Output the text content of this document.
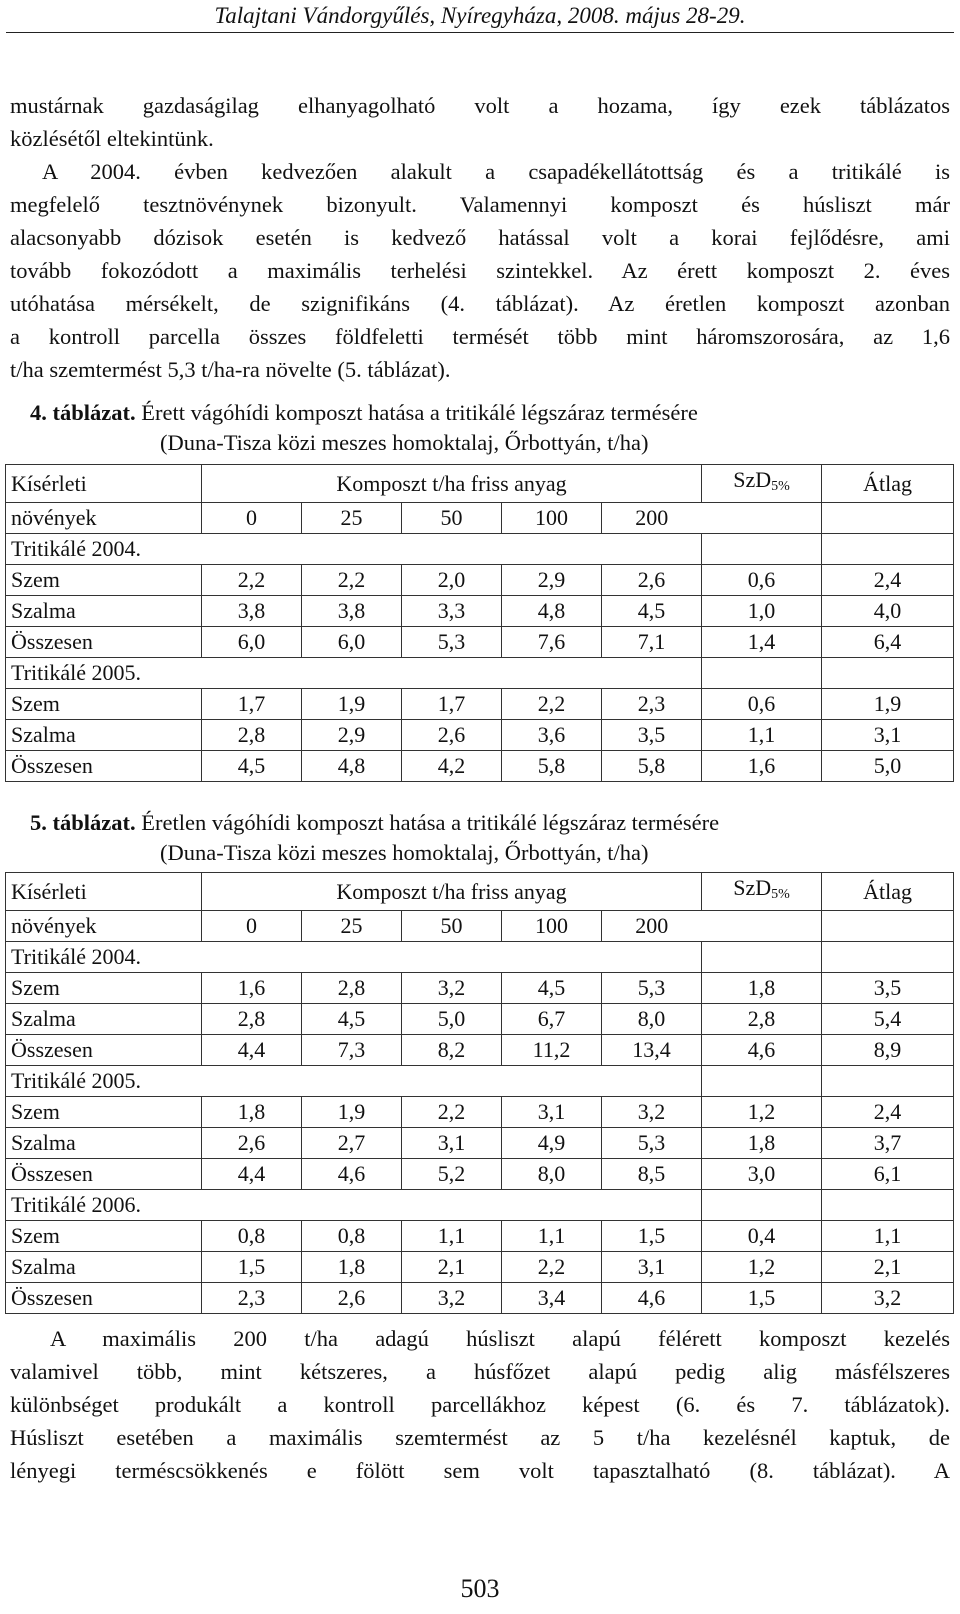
Talajtani Vándorgyűlés, Nyíregyháza, 2008. május 28-29.
mustárnak gazdaságilag elhanyagolható volt a hozama, így ezek táblázatos
közlésétől eltekintünk.
A 2004. évben kedvezően alakult a csapadékellátottság és a tritikálé is
megfelelő tesztnövénynek bizonyult. Valamennyi komposzt és húsliszt már
alacsonyabb dózisok esetén is kedvező hatással volt a korai fejlődésre, ami
tovább fokozódott a maximális terhelési szintekkel. Az érett komposzt 2. éves
utóhatása mérsékelt, de szignifikáns (4. táblázat). Az éretlen komposzt azonban
a kontroll parcella összes földfeletti termését több mint háromszorosára, az 1,6
t/ha szemtermést 5,3 t/ha-ra növelte (5. táblázat).
4. táblázat. Érett vágóhídi komposzt hatása a tritikálé légszáraz termésére
(Duna-Tisza közi meszes homoktalaj, Őrbottyán, t/ha)
Kísérleti	Komposzt t/ha friss anyag					SzD$_{5\%}$	Átlag
növények	0	25	50	100	200		
Tritikálé 2004.							
Szem	2,2	2,2	2,0	2,9	2,6	0,6	2,4
Szalma	3,8	3,8	3,3	4,8	4,5	1,0	4,0
Összesen	6,0	6,0	5,3	7,6	7,1	1,4	6,4
Tritikálé 2005.							
Szem	1,7	1,9	1,7	2,2	2,3	0,6	1,9
Szalma	2,8	2,9	2,6	3,6	3,5	1,1	3,1
Összesen	4,5	4,8	4,2	5,8	5,8	1,6	5,0
5. táblázat. Éretlen vágóhídi komposzt hatása a tritikálé légszáraz termésére
(Duna-Tisza közi meszes homoktalaj, Őrbottyán, t/ha)
Kísérleti	Komposzt t/ha friss anyag					SzD$_{5\%}$	Átlag
növények	0	25	50	100	200		
Tritikálé 2004.							
Szem	1,6	2,8	3,2	4,5	5,3	1,8	3,5
Szalma	2,8	4,5	5,0	6,7	8,0	2,8	5,4
Összesen	4,4	7,3	8,2	11,2	13,4	4,6	8,9
Tritikálé 2005.							
Szem	1,8	1,9	2,2	3,1	3,2	1,2	2,4
Szalma	2,6	2,7	3,1	4,9	5,3	1,8	3,7
Összesen	4,4	4,6	5,2	8,0	8,5	3,0	6,1
Tritikálé 2006.							
Szem	0,8	0,8	1,1	1,1	1,5	0,4	1,1
Szalma	1,5	1,8	2,1	2,2	3,1	1,2	2,1
Összesen	2,3	2,6	3,2	3,4	4,6	1,5	3,2
A maximális 200 t/ha adagú húsliszt alapú félérett komposzt kezelés
valamivel több, mint kétszeres, a húsfőzet alapú pedig alig másfélszeres
különbséget produkált a kontroll parcellákhoz képest (6. és 7. táblázatok).
Húsliszt esetében a maximális szemtermést az 5 t/ha kezelésnél kaptuk, de
lényegi terméscsökkenés e fölött sem volt tapasztalható (8. táblázat). A
503
